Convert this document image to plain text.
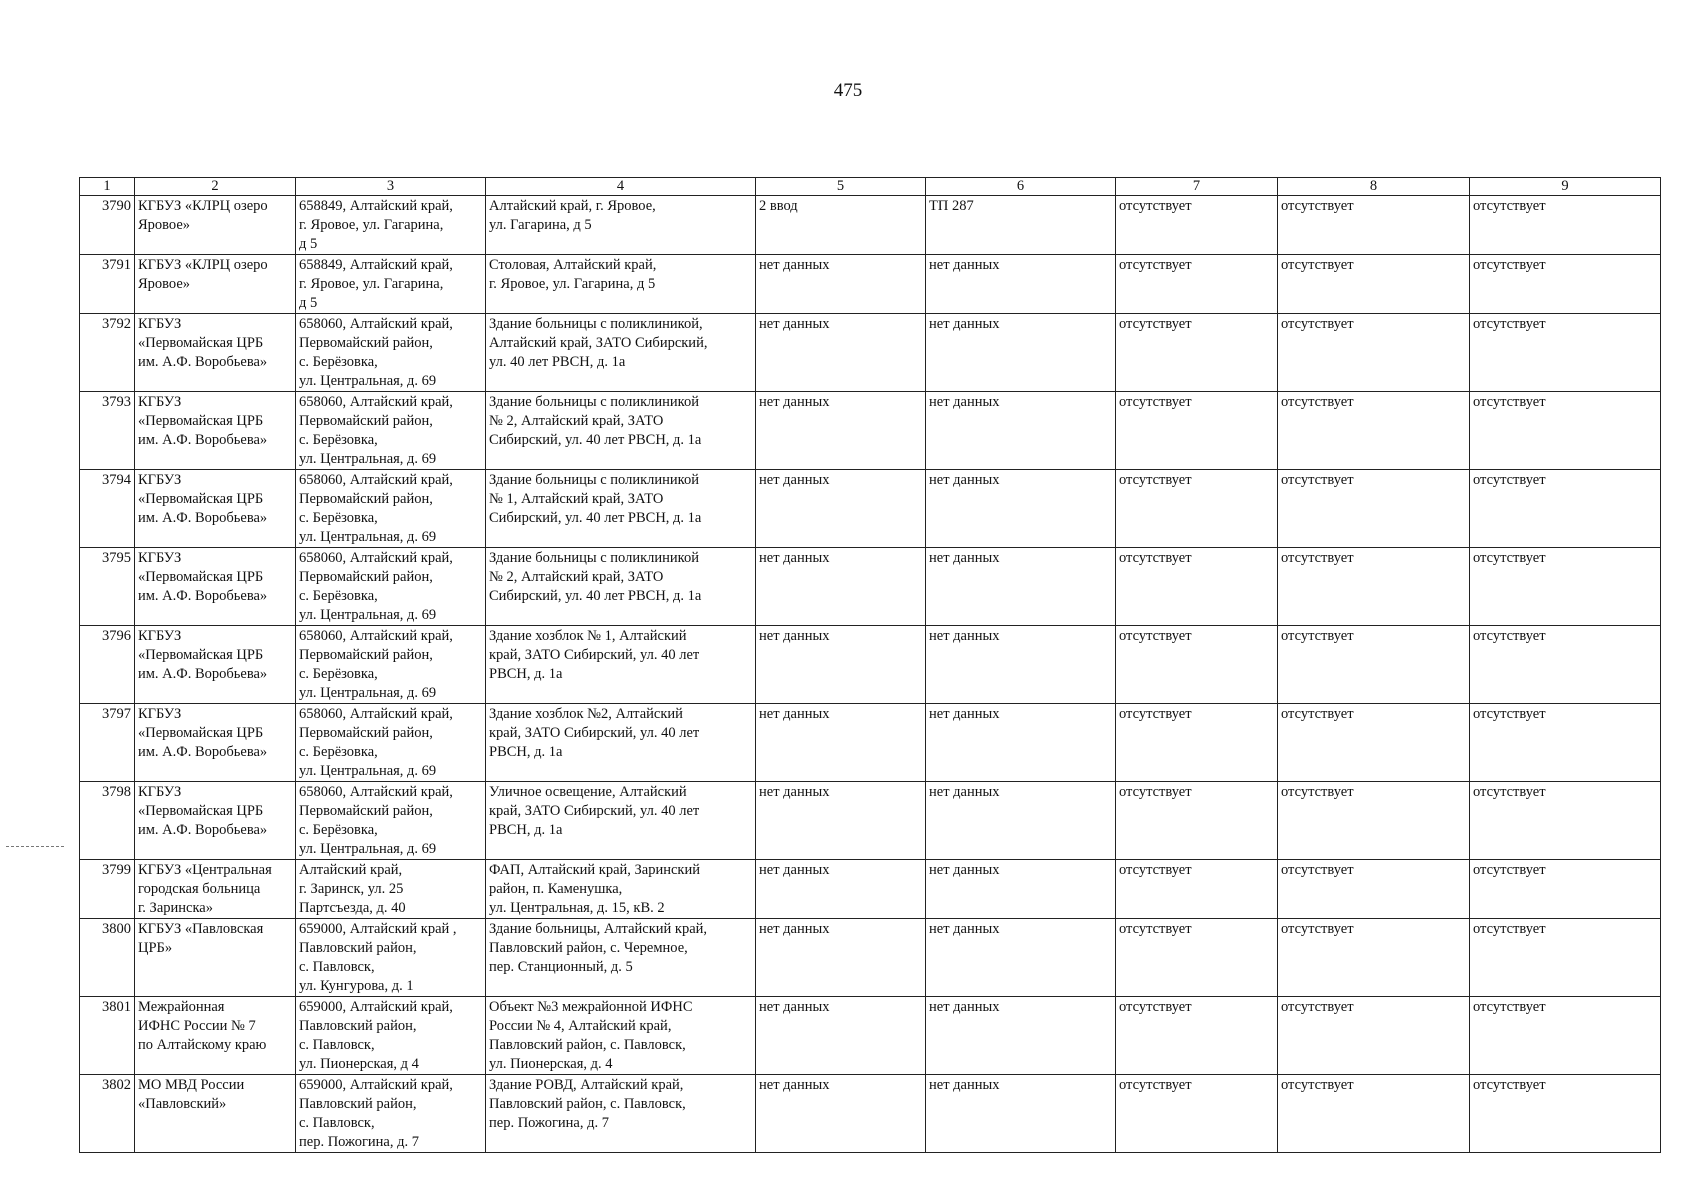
475
1	2	3	4	5	6	7	8	9
3790	КГБУЗ «КЛРЦ озеро Яровое»	658849, Алтайский край,
г. Яровое, ул. Гагарина,
д 5	Алтайский край, г. Яровое,
ул. Гагарина, д 5	2 ввод	ТП 287	отсутствует	отсутствует	отсутствует
3791	КГБУЗ «КЛРЦ озеро Яровое»	658849, Алтайский край,
г. Яровое, ул. Гагарина,
д 5	Столовая, Алтайский край,
г. Яровое, ул. Гагарина, д 5	нет данных	нет данных	отсутствует	отсутствует	отсутствует
3792	КГБУЗ
«Первомайская ЦРБ
им. А.Ф. Воробьева»	658060, Алтайский край,
Первомайский район,
с. Берёзовка,
ул. Центральная, д. 69	Здание больницы с поликлиникой,
Алтайский край, ЗАТО Сибирский,
ул. 40 лет РВСН, д. 1а	нет данных	нет данных	отсутствует	отсутствует	отсутствует
3793	КГБУЗ
«Первомайская ЦРБ
им. А.Ф. Воробьева»	658060, Алтайский край,
Первомайский район,
с. Берёзовка,
ул. Центральная, д. 69	Здание больницы с поликлиникой
№ 2, Алтайский край, ЗАТО
Сибирский, ул. 40 лет РВСН, д. 1а	нет данных	нет данных	отсутствует	отсутствует	отсутствует
3794	КГБУЗ
«Первомайская ЦРБ
им. А.Ф. Воробьева»	658060, Алтайский край,
Первомайский район,
с. Берёзовка,
ул. Центральная, д. 69	Здание больницы с поликлиникой
№ 1, Алтайский край, ЗАТО
Сибирский, ул. 40 лет РВСН, д. 1а	нет данных	нет данных	отсутствует	отсутствует	отсутствует
3795	КГБУЗ
«Первомайская ЦРБ
им. А.Ф. Воробьева»	658060, Алтайский край,
Первомайский район,
с. Берёзовка,
ул. Центральная, д. 69	Здание больницы с поликлиникой
№ 2, Алтайский край, ЗАТО
Сибирский, ул. 40 лет РВСН, д. 1а	нет данных	нет данных	отсутствует	отсутствует	отсутствует
3796	КГБУЗ
«Первомайская ЦРБ
им. А.Ф. Воробьева»	658060, Алтайский край,
Первомайский район,
с. Берёзовка,
ул. Центральная, д. 69	Здание хозблок № 1, Алтайский
край, ЗАТО Сибирский, ул. 40 лет
РВСН, д. 1а	нет данных	нет данных	отсутствует	отсутствует	отсутствует
3797	КГБУЗ
«Первомайская ЦРБ
им. А.Ф. Воробьева»	658060, Алтайский край,
Первомайский район,
с. Берёзовка,
ул. Центральная, д. 69	Здание хозблок №2, Алтайский
край, ЗАТО Сибирский, ул. 40 лет
РВСН, д. 1а	нет данных	нет данных	отсутствует	отсутствует	отсутствует
3798	КГБУЗ
«Первомайская ЦРБ
им. А.Ф. Воробьева»	658060, Алтайский край,
Первомайский район,
с. Берёзовка,
ул. Центральная, д. 69	Уличное освещение, Алтайский
край, ЗАТО Сибирский, ул. 40 лет
РВСН, д. 1а	нет данных	нет данных	отсутствует	отсутствует	отсутствует
3799	КГБУЗ «Центральная
городская больница
г. Заринска»	Алтайский край,
г. Заринск, ул. 25
Партсъезда, д. 40	ФАП, Алтайский край, Заринский
район, п. Каменушка,
ул. Центральная, д. 15, кВ. 2	нет данных	нет данных	отсутствует	отсутствует	отсутствует
3800	КГБУЗ «Павловская
ЦРБ»	659000, Алтайский край ,
Павловский район,
с. Павловск,
ул. Кунгурова, д. 1	Здание больницы, Алтайский край,
Павловский район, с. Черемное,
пер. Станционный, д. 5	нет данных	нет данных	отсутствует	отсутствует	отсутствует
3801	Межрайонная
ИФНС России № 7
по Алтайскому краю	659000, Алтайский край,
Павловский район,
с. Павловск,
ул. Пионерская, д 4	Объект №3 межрайонной ИФНС
России № 4, Алтайский край,
Павловский район, с. Павловск,
ул. Пионерская, д. 4	нет данных	нет данных	отсутствует	отсутствует	отсутствует
3802	МО МВД России
«Павловский»	659000, Алтайский край,
Павловский район,
с. Павловск,
пер. Пожогина, д. 7	Здание РОВД, Алтайский край,
Павловский район, с. Павловск,
пер. Пожогина, д. 7	нет данных	нет данных	отсутствует	отсутствует	отсутствует
